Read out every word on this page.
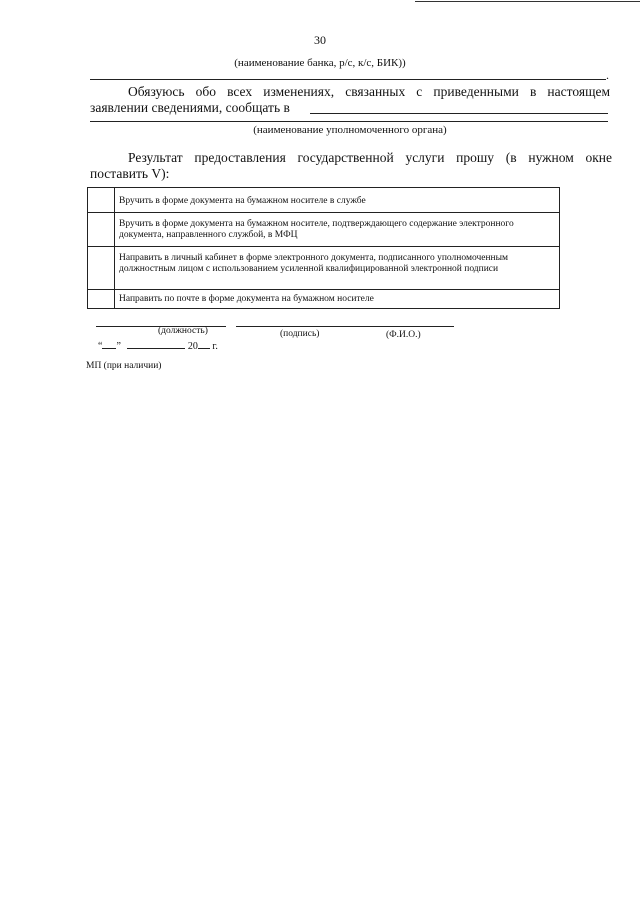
30
(наименование банка, р/с, к/с, БИК))
.
Обязуюсь обо всех изменениях, связанных с приведенными в настоящем
заявлении сведениями, сообщать в
(наименование уполномоченного органа)
Результат предоставления государственной услуги прошу (в нужном окне
поставить V):
	Вручить в форме документа на бумажном носителе в службе
	Вручить в форме документа на бумажном носителе, подтверждающего содержание электронного документа, направленного службой, в МФЦ
	Направить в личный кабинет в форме электронного документа, подписанного уполномоченным должностным лицом с использованием усиленной квалифицированной электронной подписи
	Направить по почте в форме документа на бумажном носителе
(должность)	(подпись)	(Ф.И.О.)
“ ”	20 г.
МП (при наличии)
